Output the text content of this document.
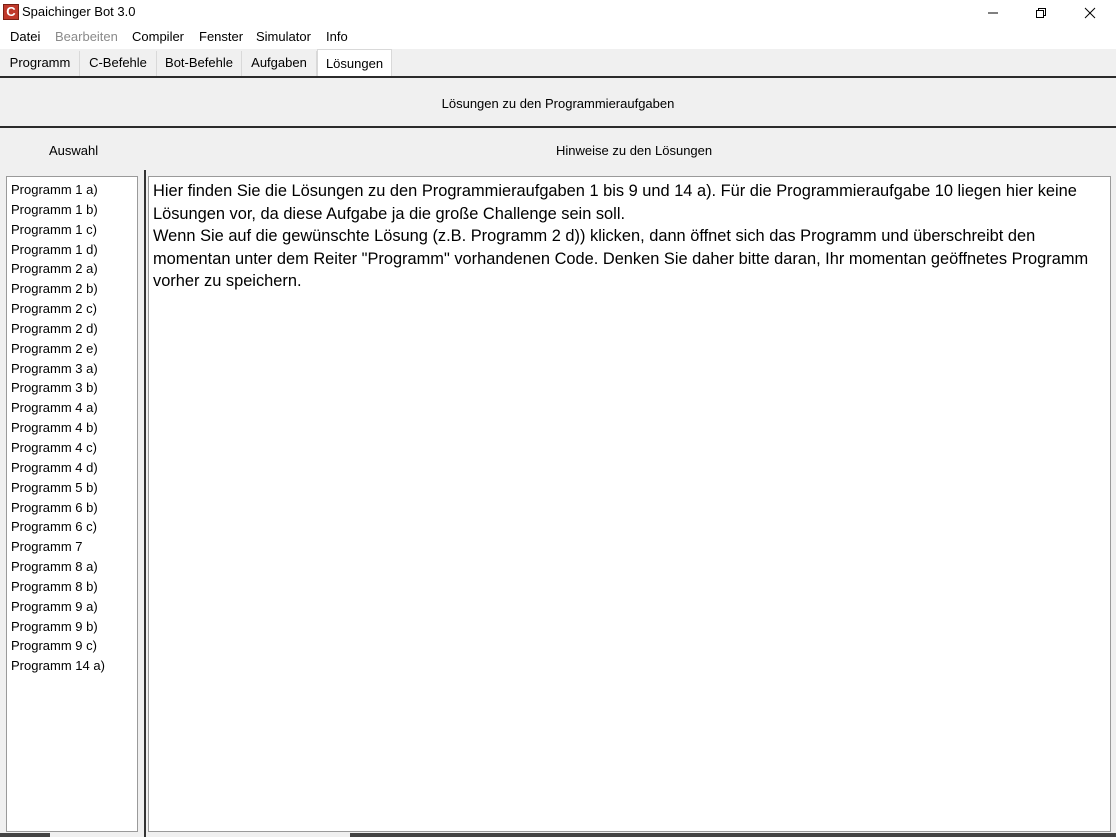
C Spaichinger Bot 3.0
Datei Bearbeiten Compiler Fenster Simulator Info
Programm	C-Befehle	Bot-Befehle	Aufgaben	Lösungen
Lösungen zu den Programmieraufgaben
Auswahl	Hinweise zu den Lösungen
Programm 1 a)
Programm 1 b)
Programm 1 c)
Programm 1 d)
Programm 2 a)
Programm 2 b)
Programm 2 c)
Programm 2 d)
Programm 2 e)
Programm 3 a)
Programm 3 b)
Programm 4 a)
Programm 4 b)
Programm 4 c)
Programm 4 d)
Programm 5 b)
Programm 6 b)
Programm 6 c)
Programm 7
Programm 8 a)
Programm 8 b)
Programm 9 a)
Programm 9 b)
Programm 9 c)
Programm 14 a)

Hier finden Sie die Lösungen zu den Programmieraufgaben 1 bis 9 und 14 a). Für die Programmieraufgabe 10 liegen hier keine Lösungen vor, da diese Aufgabe ja die große Challenge sein soll.

Wenn Sie auf die gewünschte Lösung (z.B. Programm 2 d)) klicken, dann öffnet sich das Programm und überschreibt den momentan unter dem Reiter "Programm" vorhandenen Code. Denken Sie daher bitte daran, Ihr momentan geöffnetes Programm vorher zu speichern.
